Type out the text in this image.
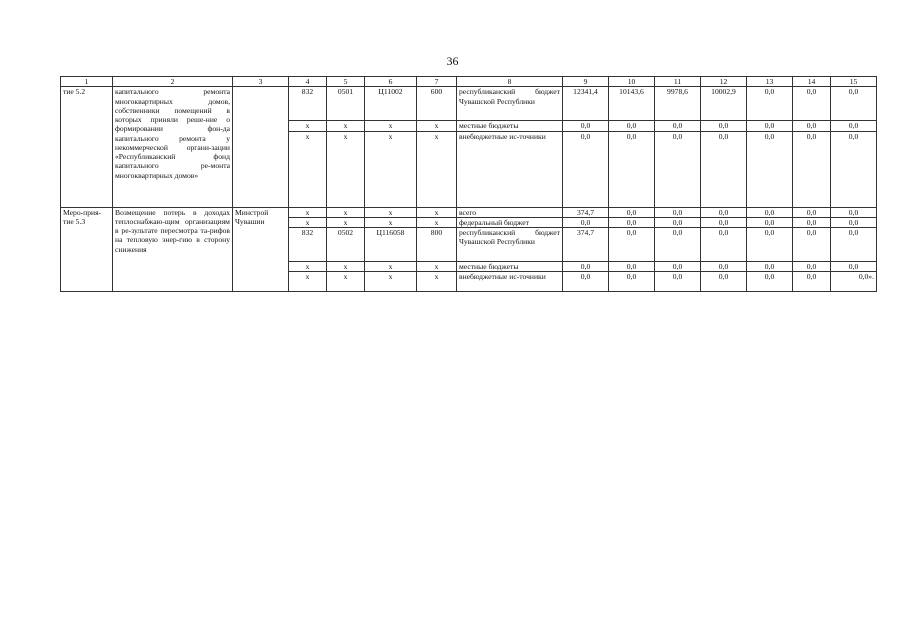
36
1	2	3	4	5	6	7	8	9	10	11	12	13	14	15
тие 5.2	капитального ремонта многоквартирных домов, собственники помещений в которых приняли реше-ние о формировании фон-да капитального ремонта у некоммерческой органи-зации «Республиканский фонд капитального ре-монта многоквартирных домов»		832	0501	Ц11002	600	республиканский бюджет Чувашской Республики	12341,4	10143,6	9978,6	10002,9	0,0	0,0	0,0
			x	x	x	x	местные бюджеты	0,0	0,0	0,0	0,0	0,0	0,0	0,0
			x	x	x	x	внебюджетные ис-точники	0,0	0,0	0,0	0,0	0,0	0,0	0,0
Меро-прия-тие 5.3	Возмещение потерь в доходах теплоснабжаю-щим организациям в ре-зультате пересмотра та-рифов на тепловую энер-гию в сторону снижения	Минстрой Чувашии	x	x	x	x	всего	374,7	0,0	0,0	0,0	0,0	0,0	0,0
			x	x	x	x	федеральный бюджет	0,0	0,0	0,0	0,0	0,0	0,0	0,0
			832	0502	Ц116058	800	республиканский бюджет Чувашской Республики	374,7	0,0	0,0	0,0	0,0	0,0	0,0
			x	x	x	x	местные бюджеты	0,0	0,0	0,0	0,0	0,0	0,0	0,0
			x	x	x	x	внебюджетные ис-точники	0,0	0,0	0,0	0,0	0,0	0,0	0,0».
